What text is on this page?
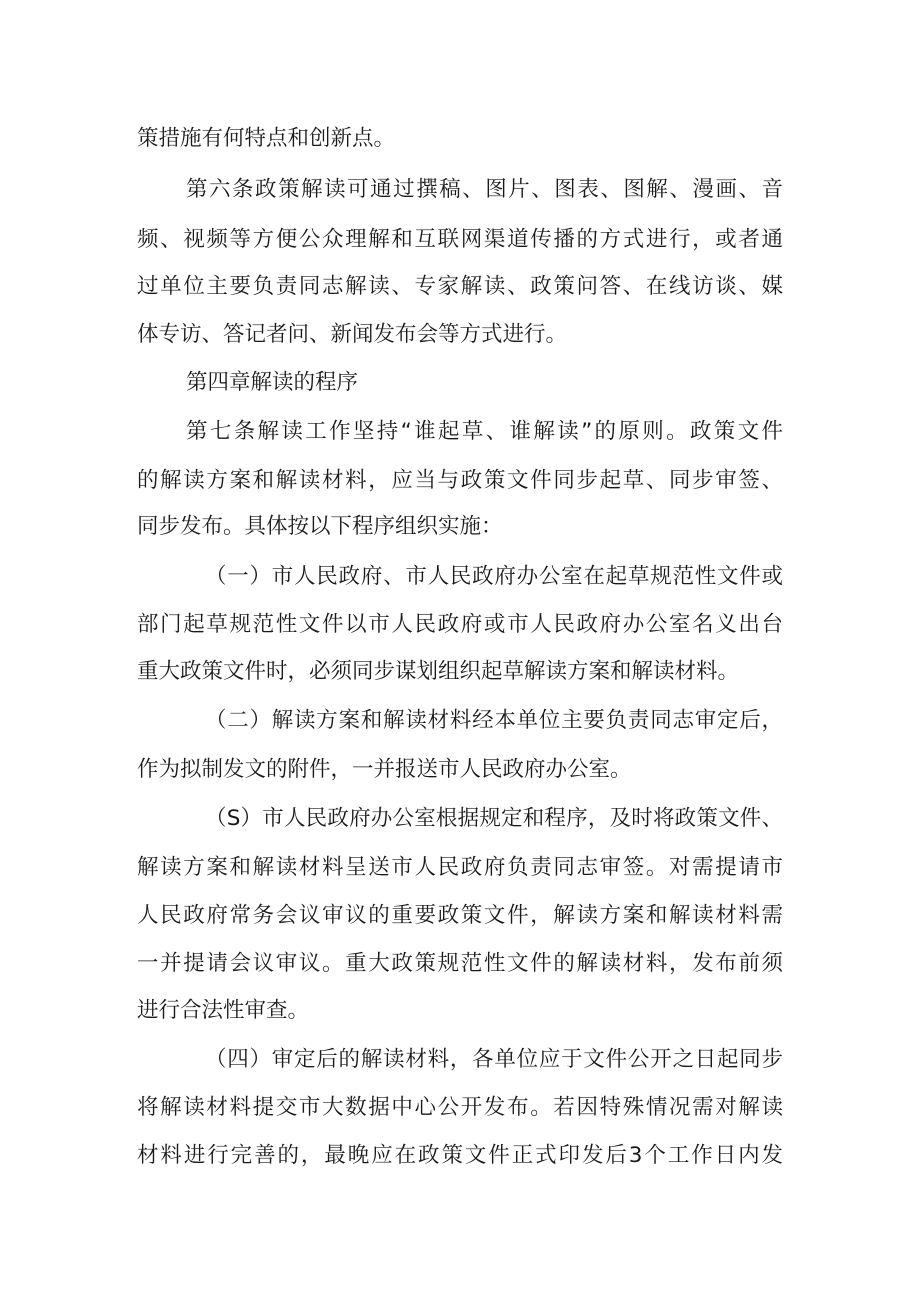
策措施有何特点和创新点。
第六条政策解读可通过撰稿、图片、图表、图解、漫画、音
频、视频等方便公众理解和互联网渠道传播的方式进行，或者通
过单位主要负责同志解读、专家解读、政策问答、在线访谈、媒
体专访、答记者问、新闻发布会等方式进行。
第四章解读的程序
第七条解读工作坚持“谁起草、谁解读”的原则。政策文件
的解读方案和解读材料，应当与政策文件同步起草、同步审签、
同步发布。具体按以下程序组织实施：
（一）市人民政府、市人民政府办公室在起草规范性文件或
部门起草规范性文件以市人民政府或市人民政府办公室名义出台
重大政策文件时，必须同步谋划组织起草解读方案和解读材料。
（二）解读方案和解读材料经本单位主要负责同志审定后，
作为拟制发文的附件，一并报送市人民政府办公室。
（S）市人民政府办公室根据规定和程序，及时将政策文件、
解读方案和解读材料呈送市人民政府负责同志审签。对需提请市
人民政府常务会议审议的重要政策文件，解读方案和解读材料需
一并提请会议审议。重大政策规范性文件的解读材料，发布前须
进行合法性审查。
（四）审定后的解读材料，各单位应于文件公开之日起同步
将解读材料提交市大数据中心公开发布。若因特殊情况需对解读
材料进行完善的，最晚应在政策文件正式印发后3个工作日内发
